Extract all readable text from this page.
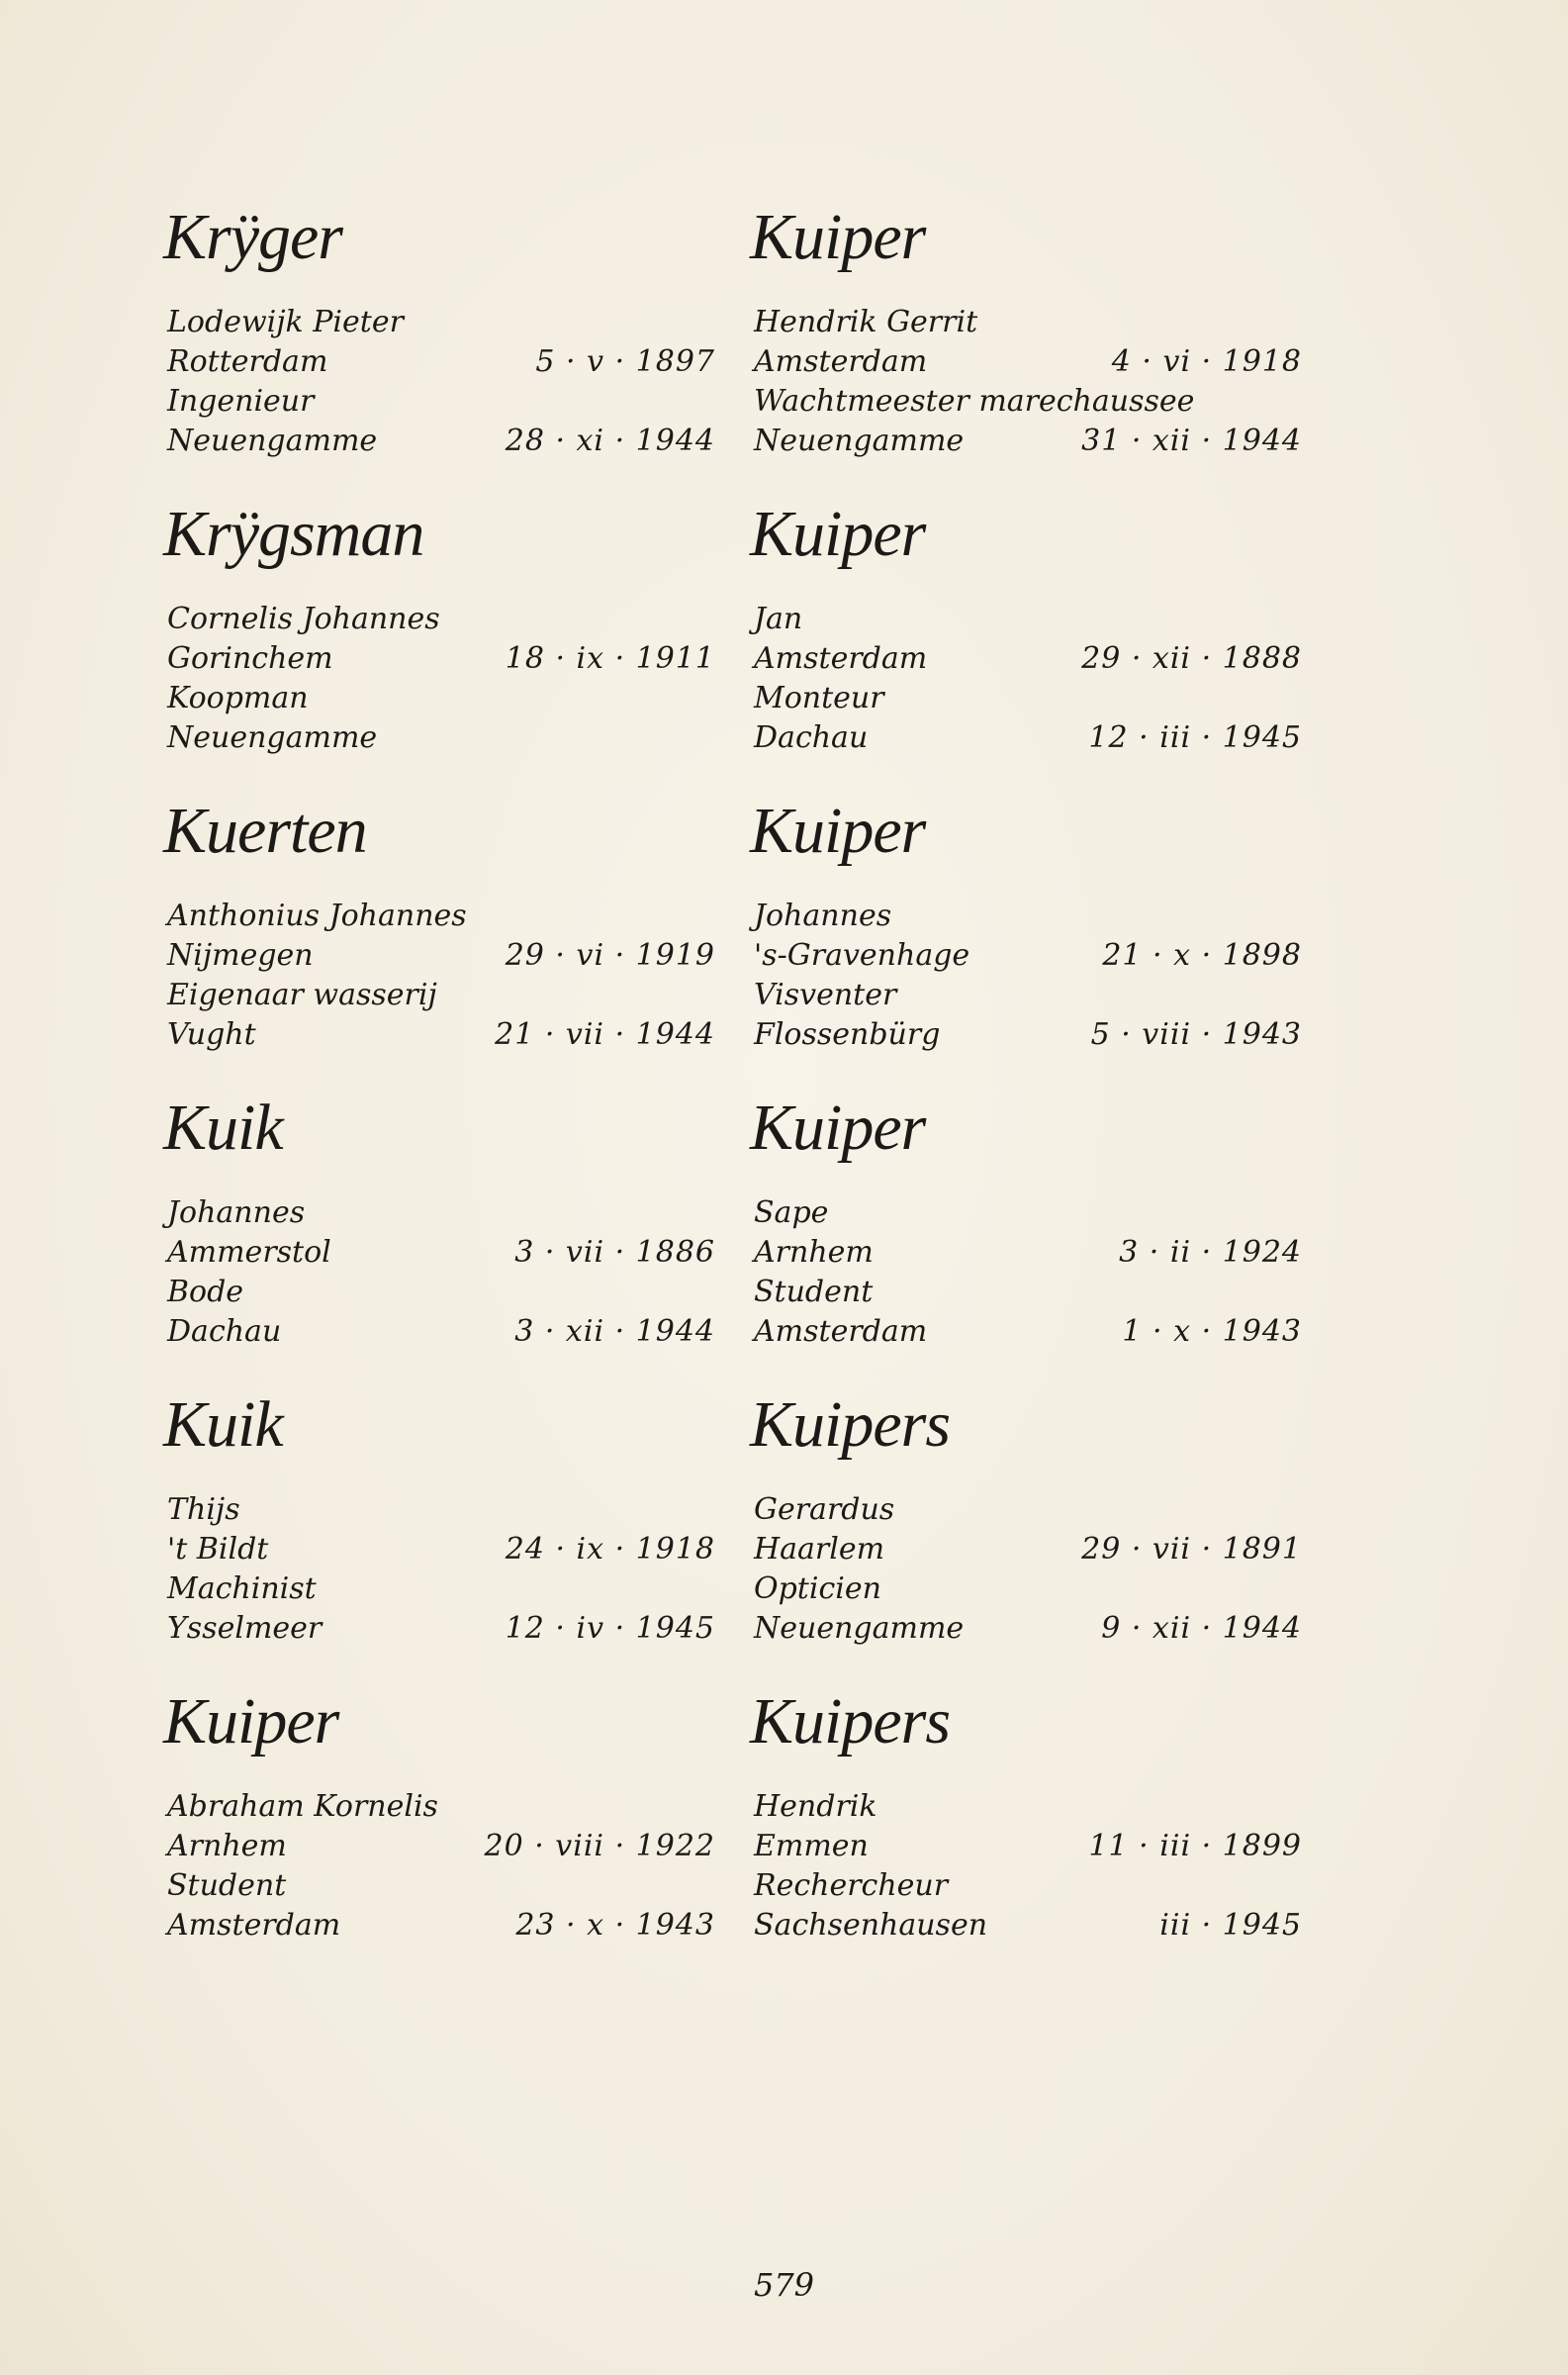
Krÿger
Lodewijk Pieter
Rotterdam	5 · v · 1897
Ingenieur
Neuengamme	28 · xi · 1944
Krÿgsman
Cornelis Johannes
Gorinchem	18 · ix · 1911
Koopman
Neuengamme
Kuerten
Anthonius Johannes
Nijmegen	29 · vi · 1919
Eigenaar wasserij
Vught	21 · vii · 1944
Kuik
Johannes
Ammerstol	3 · vii · 1886
Bode
Dachau	3 · xii · 1944
Kuik
Thijs
't Bildt	24 · ix · 1918
Machinist
Ysselmeer	12 · iv · 1945
Kuiper
Abraham Kornelis
Arnhem	20 · viii · 1922
Student
Amsterdam	23 · x · 1943
Kuiper
Hendrik Gerrit
Amsterdam	4 · vi · 1918
Wachtmeester marechaussee
Neuengamme	31 · xii · 1944
Kuiper
Jan
Amsterdam	29 · xii · 1888
Monteur
Dachau	12 · iii · 1945
Kuiper
Johannes
's-Gravenhage	21 · x · 1898
Visventer
Flossenbürg	5 · viii · 1943
Kuiper
Sape
Arnhem	3 · ii · 1924
Student
Amsterdam	1 · x · 1943
Kuipers
Gerardus
Haarlem	29 · vii · 1891
Opticien
Neuengamme	9 · xii · 1944
Kuipers
Hendrik
Emmen	11 · iii · 1899
Rechercheur
Sachsenhausen	iii · 1945
579
